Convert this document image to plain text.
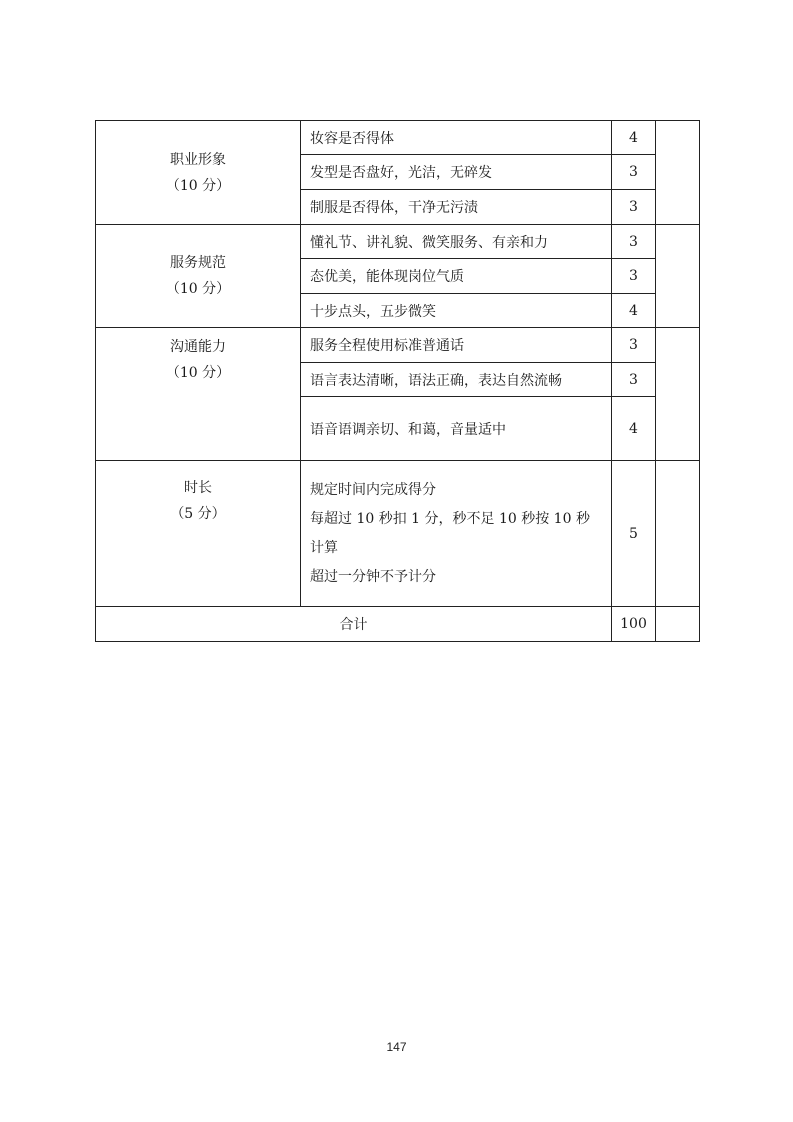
职业形象
（10 分）	妆容是否得体	4	
	发型是否盘好，光洁，无碎发	3	
	制服是否得体，干净无污渍	3	

服务规范
（10 分）	懂礼节、讲礼貌、微笑服务、有亲和力	3	
	态优美，能体现岗位气质	3	
	十步点头，五步微笑	4	

沟通能力
（10 分）	服务全程使用标准普通话	3	
	语言表达清晰，语法正确，表达自然流畅	3	
	语音语调亲切、和蔼，音量适中	4	

时长
（5 分）	规定时间内完成得分
每超过 10 秒扣 1 分，秒不足 10 秒按 10 秒
计算
超过一分钟不予计分	5	
合计		100	
147
